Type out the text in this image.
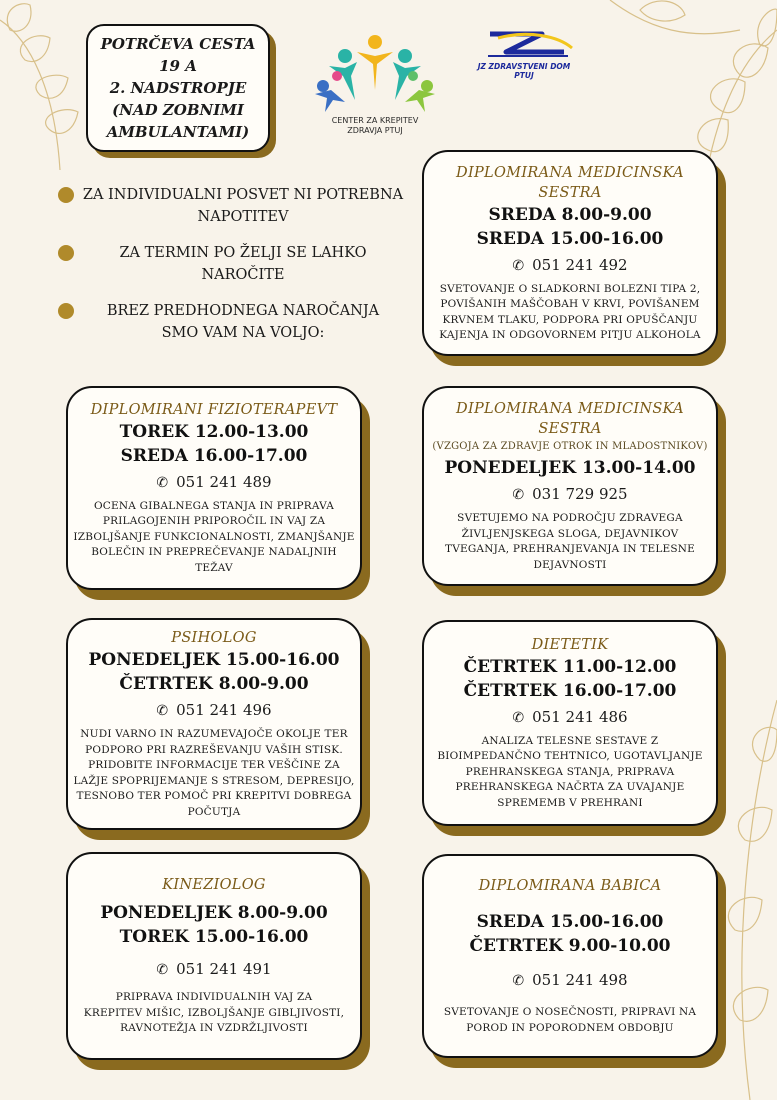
POTRČEVA CESTA 19 A
2. NADSTROPJE
(NAD ZOBNIMI
AMBULANTAMI)
CENTER ZA KREPITEV
ZDRAVJA PTUJ
JZ ZDRAVSTVENI DOM PTUJ
ZA INDIVIDUALNI POSVET NI POTREBNA
NAPOTITEV
ZA TERMIN PO ŽELJI SE LAHKO
NAROČITE
BREZ PREDHODNEGA NAROČANJA
SMO VAM NA VOLJO:
DIPLOMIRANA MEDICINSKA
SESTRA
SREDA 8.00-9.00
SREDA 15.00-16.00
✆ 051 241 492
SVETOVANJE O SLADKORNI BOLEZNI TIPA 2,
POVIŠANIH MAŠČOBAH V KRVI, POVIŠANEM
KRVNEM TLAKU, PODPORA PRI OPUŠČANJU
KAJENJA IN ODGOVORNEM PITJU ALKOHOLA
DIPLOMIRANI FIZIOTERAPEVT
TOREK 12.00-13.00
SREDA 16.00-17.00
✆ 051 241 489
OCENA GIBALNEGA STANJA IN PRIPRAVA
PRILAGOJENIH PRIPOROČIL IN VAJ ZA
IZBOLJŠANJE FUNKCIONALNOSTI, ZMANJŠANJE
BOLEČIN IN PREPREČEVANJE NADALJNIH
TEŽAV
DIPLOMIRANA MEDICINSKA
SESTRA
(VZGOJA ZA ZDRAVJE OTROK IN MLADOSTNIKOV)
PONEDELJEK 13.00-14.00
✆ 031 729 925
SVETUJEMO NA PODROČJU ZDRAVEGA
ŽIVLJENJSKEGA SLOGA, DEJAVNIKOV
TVEGANJA, PREHRANJEVANJA IN TELESNE
DEJAVNOSTI
PSIHOLOG
PONEDELJEK 15.00-16.00
ČETRTEK 8.00-9.00
✆ 051 241 496
NUDI VARNO IN RAZUMEVAJOČE OKOLJE TER
PODPORO PRI RAZREŠEVANJU VAŠIH STISK.
PRIDOBITE INFORMACIJE TER VEŠČINE ZA
LAŽJE SPOPRIJEMANJE S STRESOM, DEPRESIJO,
TESNOBO TER POMOČ PRI KREPITVI DOBREGA
POČUTJA
DIETETIK
ČETRTEK 11.00-12.00
ČETRTEK 16.00-17.00
✆ 051 241 486
ANALIZA TELESNE SESTAVE Z
BIOIMPEDANČNO TEHTNICO, UGOTAVLJANJE
PREHRANSKEGA STANJA, PRIPRAVA
PREHRANSKEGA NAČRTA ZA UVAJANJE
SPREMEMB V PREHRANI
KINEZIOLOG
PONEDELJEK 8.00-9.00
TOREK 15.00-16.00
✆ 051 241 491
PRIPRAVA INDIVIDUALNIH VAJ ZA
KREPITEV MIŠIC, IZBOLJŠANJE GIBLJIVOSTI,
RAVNOTEŽJA IN VZDRŽLJIVOSTI
DIPLOMIRANA BABICA
SREDA 15.00-16.00
ČETRTEK 9.00-10.00
✆ 051 241 498
SVETOVANJE O NOSEČNOSTI, PRIPRAVI NA
POROD IN POPORODNEM OBDOBJU
